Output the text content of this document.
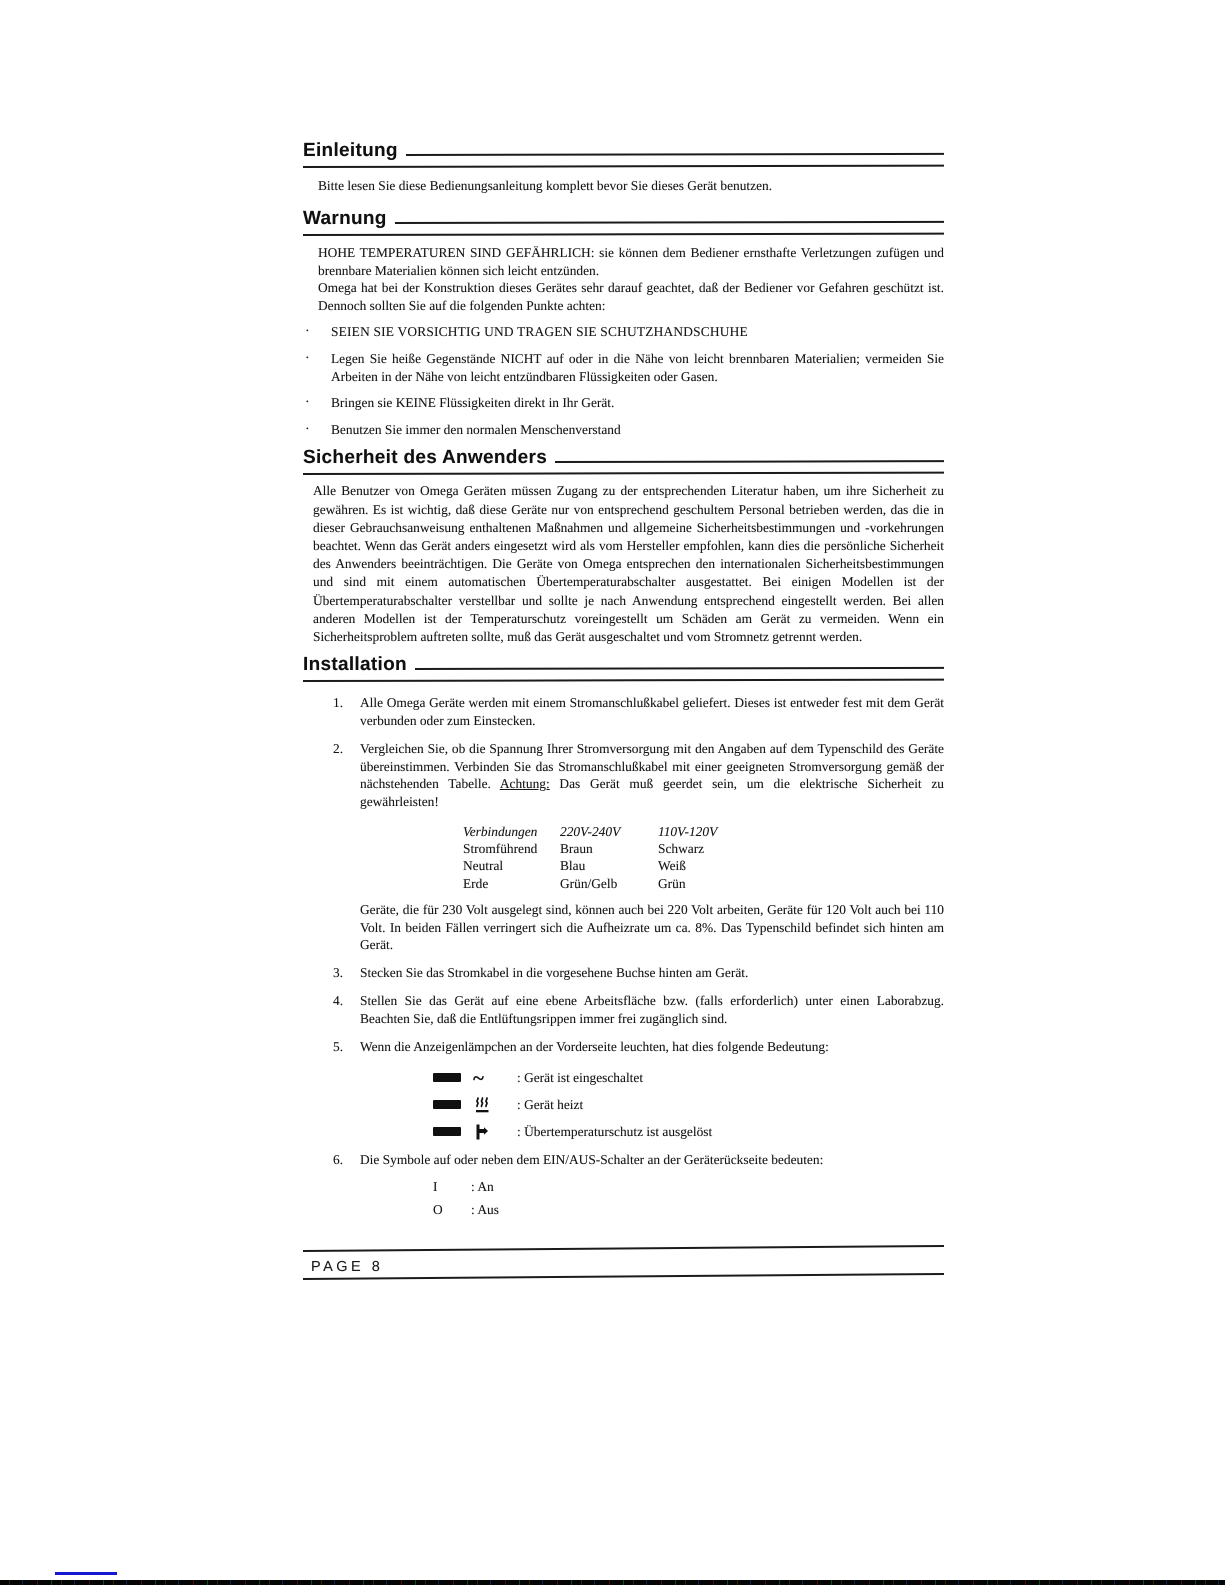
Einleitung

Bitte lesen Sie diese Bedienungsanleitung komplett bevor Sie dieses Gerät benutzen.

Warnung

HOHE TEMPERATUREN SIND GEFÄHRLICH: sie können dem Bediener ernsthafte Verletzungen zufügen und brennbare Materialien können sich leicht entzünden.

Omega hat bei der Konstruktion dieses Gerätes sehr darauf geachtet, daß der Bediener vor Gefahren geschützt ist. Dennoch sollten Sie auf die folgenden Punkte achten:

· SEIEN SIE VORSICHTIG UND TRAGEN SIE SCHUTZHANDSCHUHE
· Legen Sie heiße Gegenstände NICHT auf oder in die Nähe von leicht brennbaren Materialien; vermeiden Sie Arbeiten in der Nähe von leicht entzündbaren Flüssigkeiten oder Gasen.
· Bringen sie KEINE Flüssigkeiten direkt in Ihr Gerät.
· Benutzen Sie immer den normalen Menschenverstand
Sicherheit des Anwenders

Alle Benutzer von Omega Geräten müssen Zugang zu der entsprechenden Literatur haben, um ihre Sicherheit zu gewähren. Es ist wichtig, daß diese Geräte nur von entsprechend geschultem Personal betrieben werden, das die in dieser Gebrauchsanweisung enthaltenen Maßnahmen und allgemeine Sicherheitsbestimmungen und -vorkehrungen beachtet. Wenn das Gerät anders eingesetzt wird als vom Hersteller empfohlen, kann dies die persönliche Sicherheit des Anwenders beeinträchtigen. Die Geräte von Omega entsprechen den internationalen Sicherheitsbestimmungen und sind mit einem automatischen Übertemperaturabschalter ausgestattet. Bei einigen Modellen ist der Übertemperaturabschalter verstellbar und sollte je nach Anwendung entsprechend eingestellt werden. Bei allen anderen Modellen ist der Temperaturschutz voreingestellt um Schäden am Gerät zu vermeiden. Wenn ein Sicherheitsproblem auftreten sollte, muß das Gerät ausgeschaltet und vom Stromnetz getrennt werden.

Installation
1.	Alle Omega Geräte werden mit einem Stromanschlußkabel geliefert. Dieses ist entweder fest mit dem Gerät verbunden oder zum Einstecken.
2.	Vergleichen Sie, ob die Spannung Ihrer Stromversorgung mit den Angaben auf dem Typenschild des Geräte übereinstimmen. Verbinden Sie das Stromanschlußkabel mit einer geeigneten Stromversorgung gemäß der nächstehenden Tabelle. Achtung: Das Gerät muß geerdet sein, um die elektrische Sicherheit zu gewährleisten!
Verbindungen	220V-240V	110V-120V
Stromführend	Braun	Schwarz
Neutral	Blau	Weiß
Erde	Grün/Gelb	Grün

Geräte, die für 230 Volt ausgelegt sind, können auch bei 220 Volt arbeiten, Geräte für 120 Volt auch bei 110 Volt. In beiden Fällen verringert sich die Aufheizrate um ca. 8%. Das Typenschild befindet sich hinten am Gerät.

3.	Stecken Sie das Stromkabel in die vorgesehene Buchse hinten am Gerät.
4.	Stellen Sie das Gerät auf eine ebene Arbeitsfläche bzw. (falls erforderlich) unter einen Laborabzug. Beachten Sie, daß die Entlüftungsrippen immer frei zugänglich sind.
5.	Wenn die Anzeigenlämpchen an der Vorderseite leuchten, hat dies folgende Bedeutung:
~	: Gerät ist eingeschaltet
: Gerät heizt
: Übertemperaturschutz ist ausgelöst
6.	Die Symbole auf oder neben dem EIN/AUS-Schalter an der Geräterückseite bedeuten:
I	: An
O	: Aus
PAGE 8
